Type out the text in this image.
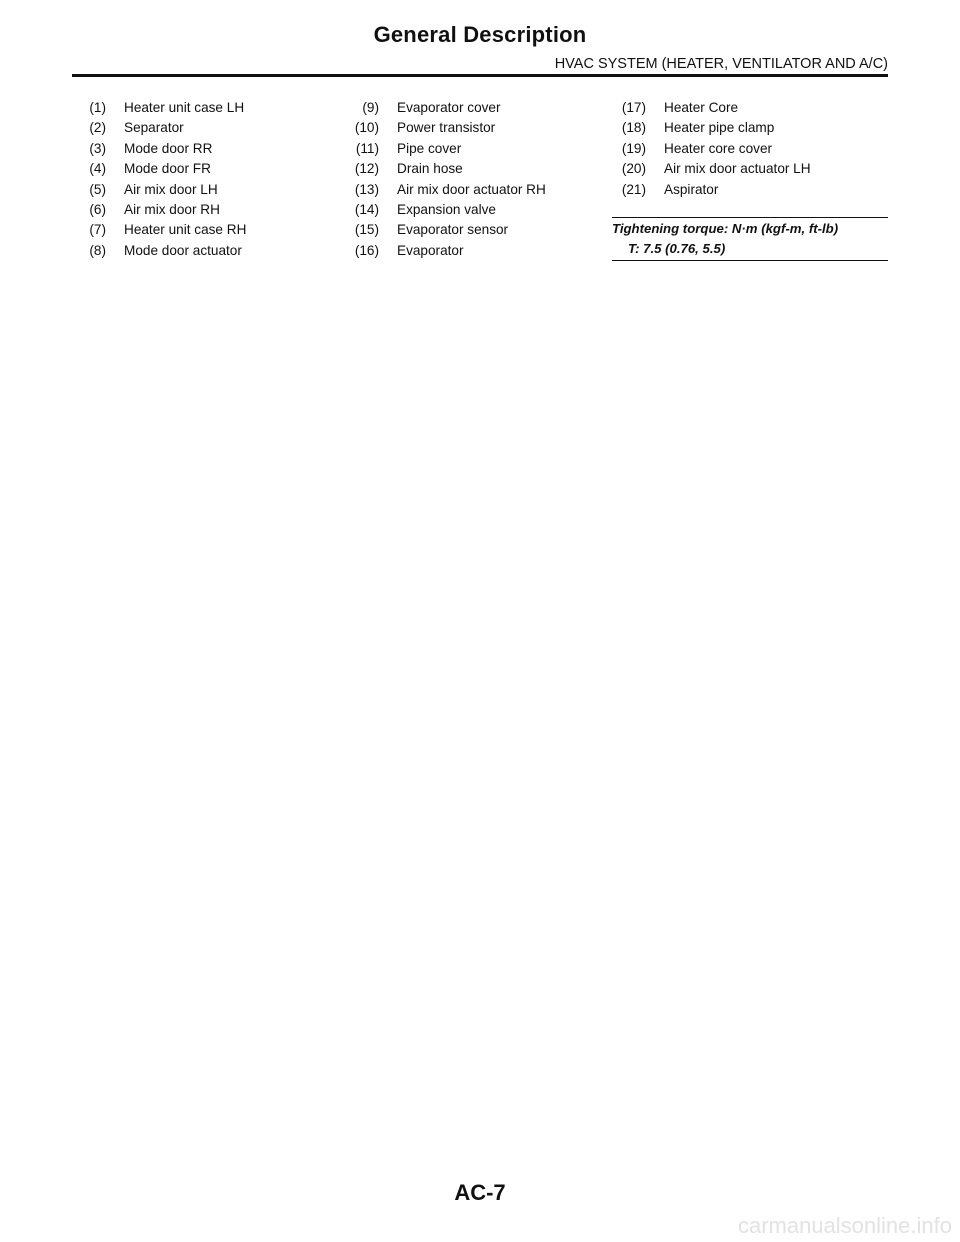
General Description
HVAC SYSTEM (HEATER, VENTILATOR AND A/C)
(1) Heater unit case LH
(2) Separator
(3) Mode door RR
(4) Mode door FR
(5) Air mix door LH
(6) Air mix door RH
(7) Heater unit case RH
(8) Mode door actuator
(9) Evaporator cover
(10) Power transistor
(11) Pipe cover
(12) Drain hose
(13) Air mix door actuator RH
(14) Expansion valve
(15) Evaporator sensor
(16) Evaporator
(17) Heater Core
(18) Heater pipe clamp
(19) Heater core cover
(20) Air mix door actuator LH
(21) Aspirator
Tightening torque: N·m (kgf-m, ft-lb)
T: 7.5 (0.76, 5.5)
AC-7
carmanualsonline.info
